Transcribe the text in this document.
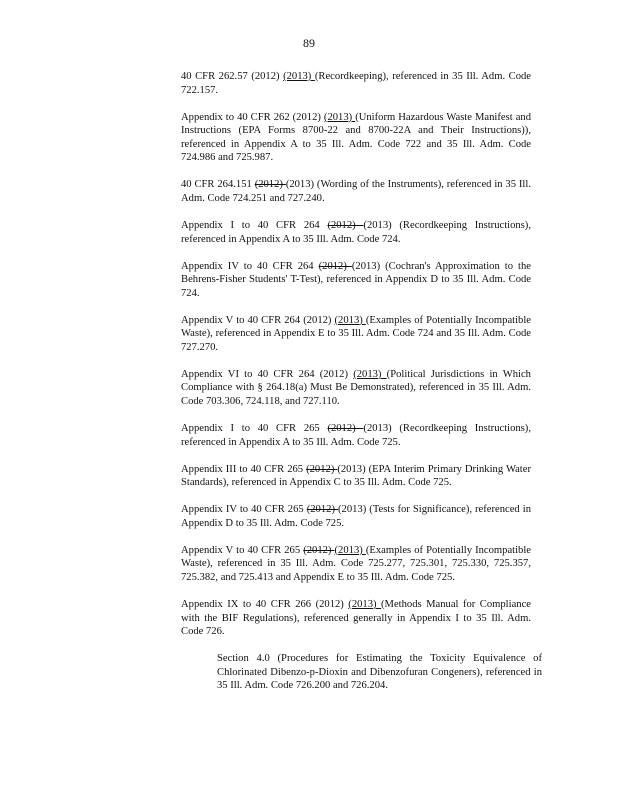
89

40 CFR 262.57 (2012) (2013) (Recordkeeping), referenced in 35 Ill. Adm. Code 722.157.

Appendix to 40 CFR 262 (2012) (2013) (Uniform Hazardous Waste Manifest and Instructions (EPA Forms 8700-22 and 8700-22A and Their Instructions)), referenced in Appendix A to 35 Ill. Adm. Code 722 and 35 Ill. Adm. Code 724.986 and 725.987.

40 CFR 264.151 (2012) (2013) (Wording of the Instruments), referenced in 35 Ill. Adm. Code 724.251 and 727.240.

Appendix I to 40 CFR 264 (2012) (2013) (Recordkeeping Instructions), referenced in Appendix A to 35 Ill. Adm. Code 724.

Appendix IV to 40 CFR 264 (2012) (2013) (Cochran's Approximation to the Behrens-Fisher Students' T-Test), referenced in Appendix D to 35 Ill. Adm. Code 724.

Appendix V to 40 CFR 264 (2012) (2013) (Examples of Potentially Incompatible Waste), referenced in Appendix E to 35 Ill. Adm. Code 724 and 35 Ill. Adm. Code 727.270.

Appendix VI to 40 CFR 264 (2012) (2013) (Political Jurisdictions in Which Compliance with § 264.18(a) Must Be Demonstrated), referenced in 35 Ill. Adm. Code 703.306, 724.118, and 727.110.

Appendix I to 40 CFR 265 (2012) (2013) (Recordkeeping Instructions), referenced in Appendix A to 35 Ill. Adm. Code 725.

Appendix III to 40 CFR 265 (2012) (2013) (EPA Interim Primary Drinking Water Standards), referenced in Appendix C to 35 Ill. Adm. Code 725.

Appendix IV to 40 CFR 265 (2012) (2013) (Tests for Significance), referenced in Appendix D to 35 Ill. Adm. Code 725.

Appendix V to 40 CFR 265 (2012) (2013) (Examples of Potentially Incompatible Waste), referenced in 35 Ill. Adm. Code 725.277, 725.301, 725.330, 725.357, 725.382, and 725.413 and Appendix E to 35 Ill. Adm. Code 725.

Appendix IX to 40 CFR 266 (2012) (2013) (Methods Manual for Compliance with the BIF Regulations), referenced generally in Appendix I to 35 Ill. Adm. Code 726.

Section 4.0 (Procedures for Estimating the Toxicity Equivalence of Chlorinated Dibenzo-p-Dioxin and Dibenzofuran Congeners), referenced in 35 Ill. Adm. Code 726.200 and 726.204.
